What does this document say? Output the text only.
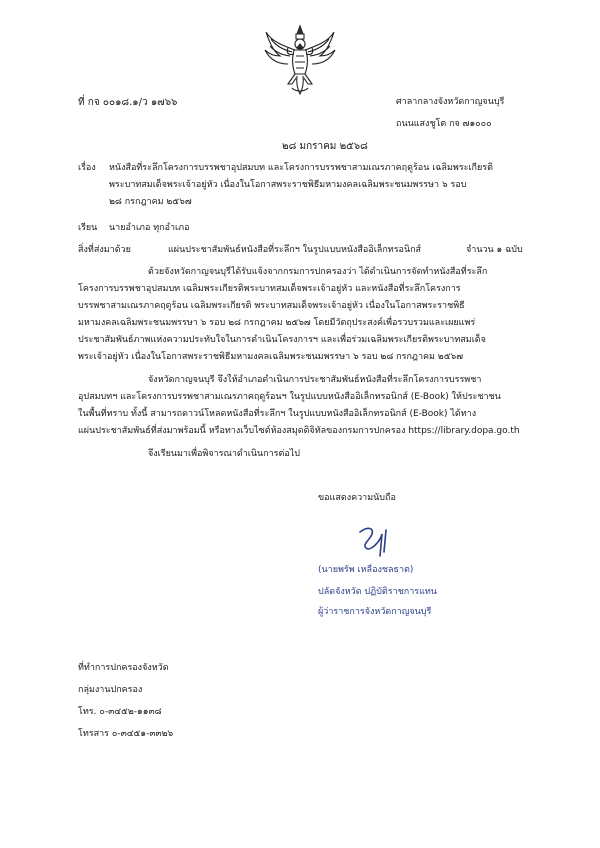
ที่ กจ ๐๐๑๘.๑/ว ๑๗๖๖	ศาลากลางจังหวัดกาญจนบุรี
ถนนแสงชูโต กจ ๗๑๐๐๐
๒๘ มกราคม ๒๕๖๘
เรื่อง หนังสือที่ระลึกโครงการบรรพชาอุปสมบท และโครงการบรรพชาสามเณรภาคฤดูร้อน เฉลิมพระเกียรติ
พระบาทสมเด็จพระเจ้าอยู่หัว เนื่องในโอกาสพระราชพิธีมหามงคลเฉลิมพระชนมพรรษา ๖ รอบ
๒๘ กรกฎาคม ๒๕๖๗
เรียน นายอำเภอ ทุกอำเภอ
สิ่งที่ส่งมาด้วย	แผ่นประชาสัมพันธ์หนังสือที่ระลึกฯ ในรูปแบบหนังสืออิเล็กทรอนิกส์	จำนวน ๑ ฉบับ
ด้วยจังหวัดกาญจนบุรีได้รับแจ้งจากกรมการปกครองว่า ได้ดำเนินการจัดทำหนังสือที่ระลึก
โครงการบรรพชาอุปสมบท เฉลิมพระเกียรติพระบาทสมเด็จพระเจ้าอยู่หัว และหนังสือที่ระลึกโครงการ
บรรพชาสามเณรภาคฤดูร้อน เฉลิมพระเกียรติ พระบาทสมเด็จพระเจ้าอยู่หัว เนื่องในโอกาสพระราชพิธี
มหามงคลเฉลิมพระชนมพรรษา ๖ รอบ ๒๘ กรกฎาคม ๒๕๖๗ โดยมีวัตถุประสงค์เพื่อรวบรวมและเผยแพร่
ประชาสัมพันธ์ภาพแห่งความประทับใจในการดำเนินโครงการฯ และเพื่อร่วมเฉลิมพระเกียรติพระบาทสมเด็จ
พระเจ้าอยู่หัว เนื่องในโอกาสพระราชพิธีมหามงคลเฉลิมพระชนมพรรษา ๖ รอบ ๒๘ กรกฎาคม ๒๕๖๗
จังหวัดกาญจนบุรี จึงให้อำเภอดำเนินการประชาสัมพันธ์หนังสือที่ระลึกโครงการบรรพชา
อุปสมบทฯ และโครงการบรรพชาสามเณรภาคฤดูร้อนฯ ในรูปแบบหนังสืออิเล็กทรอนิกส์ (E-Book) ให้ประชาชน
ในพื้นที่ทราบ ทั้งนี้ สามารถดาวน์โหลดหนังสือที่ระลึกฯ ในรูปแบบหนังสืออิเล็กทรอนิกส์ (E-Book) ได้ทาง
แผ่นประชาสัมพันธ์ที่ส่งมาพร้อมนี้ หรือทางเว็บไซต์ห้องสมุดดิจิทัลของกรมการปกครอง https://library.dopa.go.th
จึงเรียนมาเพื่อพิจารณาดำเนินการต่อไป
ขอแสดงความนับถือ
(นายพรัพ เหลืองชลธาต)
ปลัดจังหวัด ปฏิบัติราชการแทน
ผู้ว่าราชการจังหวัดกาญจนบุรี
ที่ทำการปกครองจังหวัด
กลุ่มงานปกครอง
โทร. ๐-๓๔๕๒-๑๑๓๘
โทรสาร ๐-๓๔๕๑-๓๓๒๖
